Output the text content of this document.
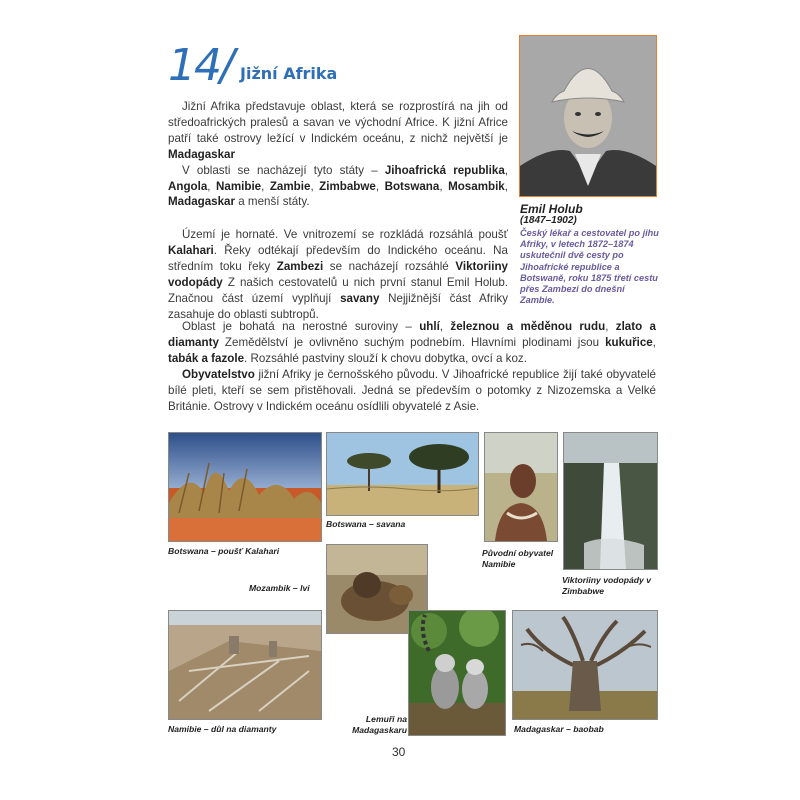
14/ Jižní Afrika

Jižní Afrika představuje oblast, která se rozprostírá na jih od středoafrických pralesů a savan ve východní Africe. K jižní Africe patří také ostrovy ležící v Indickém oceánu, z nichž největší je Madagaskar

V oblasti se nacházejí tyto státy – Jihoafrická republika, Angola, Namibie, Zambie, Zimbabwe, Botswana, Mosambik, Madagaskar a menší státy.

Území je hornaté. Ve vnitrozemí se rozkládá rozsáhlá poušť Kalahari. Řeky odtékají především do Indického oceánu. Na středním toku řeky Zambezi se nacházejí rozsáhlé Viktoriiny vodopády Z našich cestovatelů u nich první stanul Emil Holub. Značnou část území vyplňují savany Nejjižnější část Afriky zasahuje do oblasti subtropů.

Oblast je bohatá na nerostné suroviny – uhlí, železnou a měděnou rudu, zlato a diamanty Zemědělství je ovlivněno suchým podnebím. Hlavními plodinami jsou kukuřice, tabák a fazole. Rozsáhlé pastviny slouží k chovu dobytka, ovcí a koz.

Obyvatelstvo jižní Afriky je černošského původu. V Jihoafrické republice žijí také obyvatelé bílé pleti, kteří se sem přistěhovali. Jedná se především o potomky z Nizozemska a Velké Británie. Ostrovy v Indickém oceánu osídlili obyvatelé z Asie.

Emil Holub
(1847–1902)
Český lékař a cestovatel po jihu Afriky, v letech 1872–1874 uskutečnil dvě cesty po Jihoafrické republice a Botswaně, roku 1875 třetí cestu přes Zambezi do dnešní Zambie.
Botswana – poušť Kalahari
Botswana – savana
Původní obyvatel Namibie
Viktoriiny vodopády v Zimbabwe
Mozambik – lvi
Namibie – důl na diamanty
Lemuři na Madagaskaru	Madagaskar – baobab
30
